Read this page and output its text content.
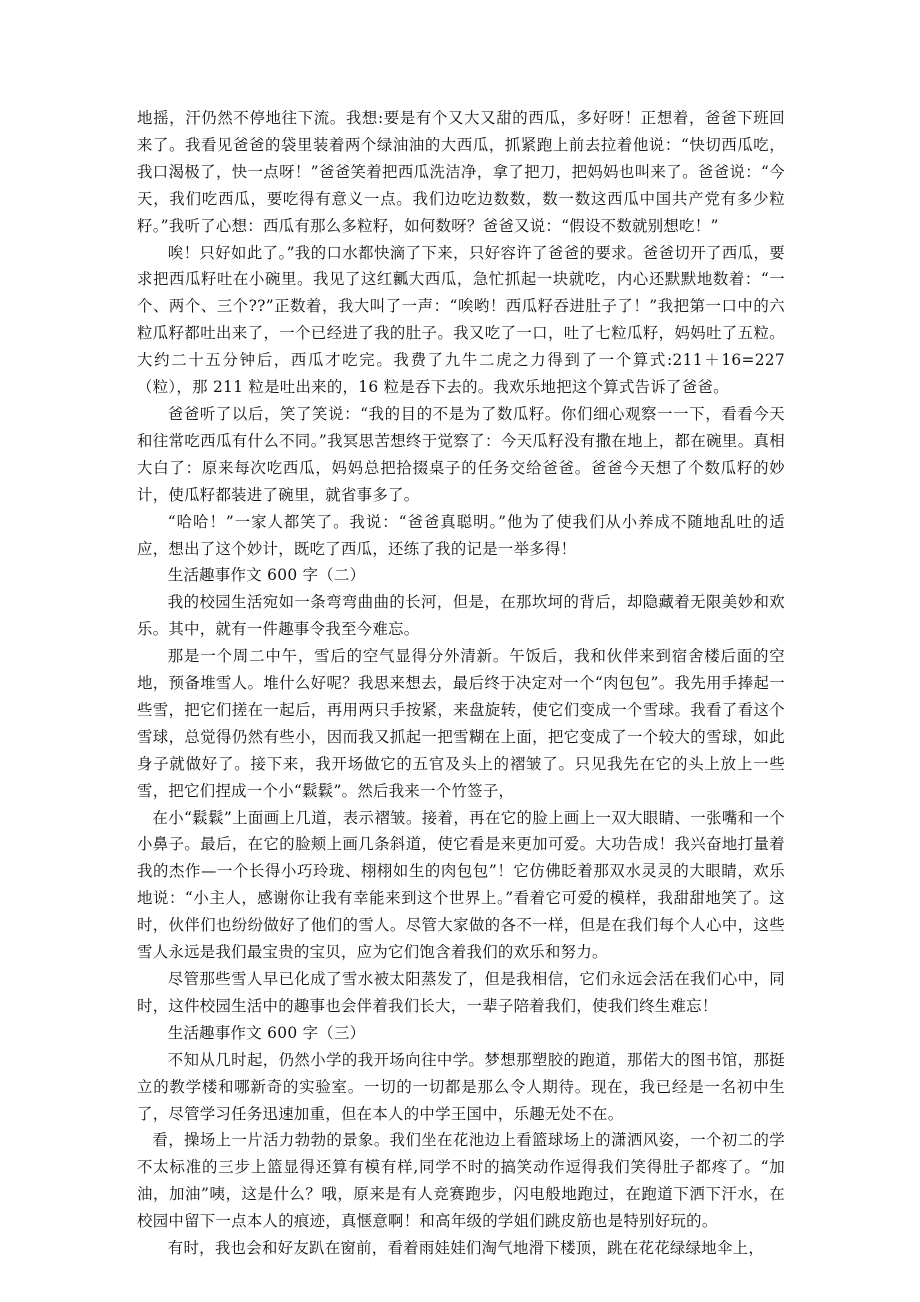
地摇，汗仍然不停地往下流。我想:要是有个又大又甜的西瓜，多好呀！正想着，爸爸下班回来了。我看见爸爸的袋里装着两个绿油油的大西瓜，抓紧跑上前去拉着他说：“快切西瓜吃，我口渴极了，快一点呀！”爸爸笑着把西瓜洗洁净，拿了把刀，把妈妈也叫来了。爸爸说：“今天，我们吃西瓜，要吃得有意义一点。我们边吃边数数，数一数这西瓜中国共产党有多少粒籽。”我听了心想：西瓜有那么多粒籽，如何数呀？爸爸又说：“假设不数就别想吃！”

唉！只好如此了。”我的口水都快滴了下来，只好容许了爸爸的要求。爸爸切开了西瓜，要求把西瓜籽吐在小碗里。我见了这红瓤大西瓜，急忙抓起一块就吃，内心还默默地数着：“一个、两个、三个??”正数着，我大叫了一声：“唉哟！西瓜籽吞进肚子了！”我把第一口中的六粒瓜籽都吐出来了，一个已经进了我的肚子。我又吃了一口，吐了七粒瓜籽，妈妈吐了五粒。大约二十五分钟后，西瓜才吃完。我费了九牛二虎之力得到了一个算式:211＋16=227（粒），那 211 粒是吐出来的，16 粒是吞下去的。我欢乐地把这个算式告诉了爸爸。

爸爸听了以后，笑了笑说：“我的目的不是为了数瓜籽。你们细心观察一一下，看看今天和往常吃西瓜有什么不同。”我冥思苦想终于觉察了：今天瓜籽没有撒在地上，都在碗里。真相大白了：原来每次吃西瓜，妈妈总把拾掇桌子的任务交给爸爸。爸爸今天想了个数瓜籽的妙计，使瓜籽都装进了碗里，就省事多了。

“哈哈！”一家人都笑了。我说：“爸爸真聪明。”他为了使我们从小养成不随地乱吐的适应，想出了这个妙计，既吃了西瓜，还练了我的记是一举多得！

生活趣事作文 600 字（二）

我的校园生活宛如一条弯弯曲曲的长河，但是，在那坎坷的背后，却隐藏着无限美妙和欢乐。其中，就有一件趣事令我至今难忘。

那是一个周二中午，雪后的空气显得分外清新。午饭后，我和伙伴来到宿舍楼后面的空地，预备堆雪人。堆什么好呢？我思来想去，最后终于决定对一个“肉包包”。我先用手捧起一些雪，把它们搓在一起后，再用两只手按紧，来盘旋转，使它们变成一个雪球。我看了看这个雪球，总觉得仍然有些小，因而我又抓起一把雪糊在上面，把它变成了一个较大的雪球，如此身子就做好了。接下来，我开场做它的五官及头上的褶皱了。只见我先在它的头上放上一些雪，把它们捏成一个小“鬏鬏”。然后我来一个竹签子，

在小“鬏鬏”上面画上几道，表示褶皱。接着，再在它的脸上画上一双大眼睛、一张嘴和一个小鼻子。最后，在它的脸颊上画几条斜道，使它看是来更加可爱。大功告成！我兴奋地打量着我的杰作—一个长得小巧玲珑、栩栩如生的肉包包”！它仿佛眨着那双水灵灵的大眼睛，欢乐地说：“小主人，感谢你让我有幸能来到这个世界上。”看着它可爱的模样，我甜甜地笑了。这时，伙伴们也纷纷做好了他们的雪人。尽管大家做的各不一样，但是在我们每个人心中，这些雪人永远是我们最宝贵的宝贝，应为它们饱含着我们的欢乐和努力。

尽管那些雪人早已化成了雪水被太阳蒸发了，但是我相信，它们永远会活在我们心中，同时，这件校园生活中的趣事也会伴着我们长大，一辈子陪着我们，使我们终生难忘！

生活趣事作文 600 字（三）

不知从几时起，仍然小学的我开场向往中学。梦想那塑胶的跑道，那偌大的图书馆，那挺立的教学楼和哪新奇的实验室。一切的一切都是那么令人期待。现在，我已经是一名初中生了，尽管学习任务迅速加重，但在本人的中学王国中，乐趣无处不在。

看，操场上一片活力勃勃的景象。我们坐在花池边上看篮球场上的潇洒风姿，一个初二的学不太标准的三步上篮显得还算有模有样,同学不时的搞笑动作逗得我们笑得肚子都疼了。“加油，加油”咦，这是什么？哦，原来是有人竞赛跑步，闪电般地跑过，在跑道下洒下汗水，在校园中留下一点本人的痕迹，真惬意啊！和高年级的学姐们跳皮筋也是特别好玩的。

有时，我也会和好友趴在窗前，看着雨娃娃们淘气地滑下楼顶，跳在花花绿绿地伞上，
